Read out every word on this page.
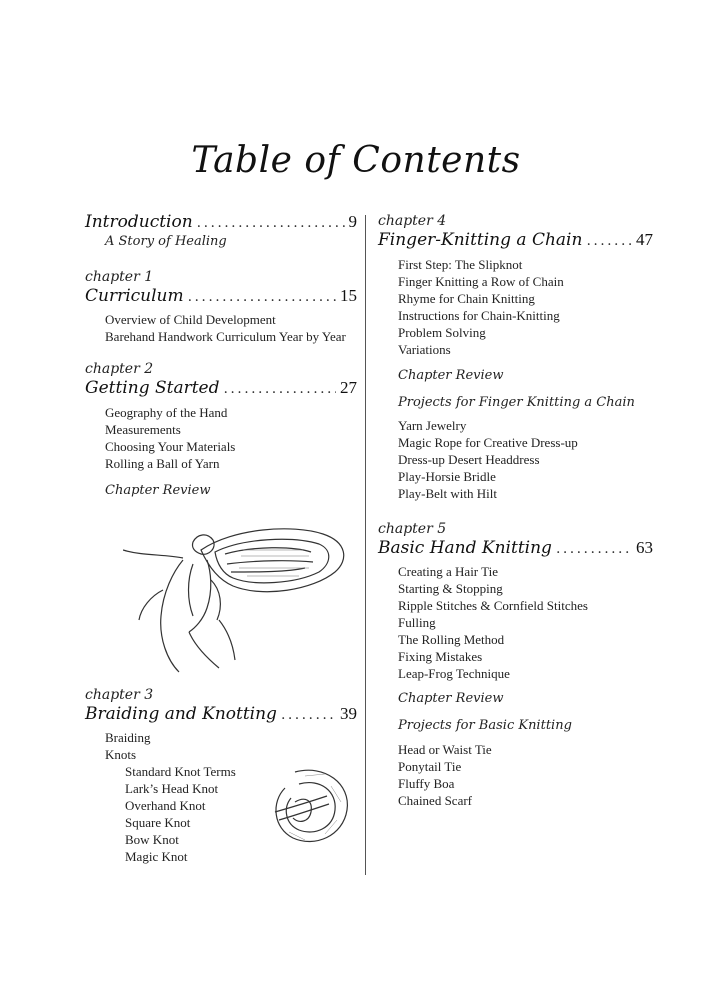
Table of Contents
Introduction . . .	9
A Story of Healing
chapter 1
Curriculum . . .	15
Overview of Child Development
Barehand Handwork Curriculum Year by Year
chapter 2
Getting Started . . .	27
Geography of the Hand
Measurements
Choosing Your Materials
Rolling a Ball of Yarn
Chapter Review
chapter 3
Braiding and Knotting . . .	39
Braiding
Knots
Standard Knot Terms
Lark’s Head Knot
Overhand Knot
Square Knot
Bow Knot
Magic Knot
chapter 4
Finger-Knitting a Chain . . .	47
First Step: The Slipknot
Finger Knitting a Row of Chain
Rhyme for Chain Knitting
Instructions for Chain-Knitting
Problem Solving
Variations
Chapter Review
Projects for Finger Knitting a Chain
Yarn Jewelry
Magic Rope for Creative Dress-up
Dress-up Desert Headdress
Play-Horsie Bridle
Play-Belt with Hilt
chapter 5
Basic Hand Knitting . . .	63
Creating a Hair Tie
Starting & Stopping
Ripple Stitches & Cornfield Stitches
Fulling
The Rolling Method
Fixing Mistakes
Leap-Frog Technique
Chapter Review
Projects for Basic Knitting
Head or Waist Tie
Ponytail Tie
Fluffy Boa
Chained Scarf
